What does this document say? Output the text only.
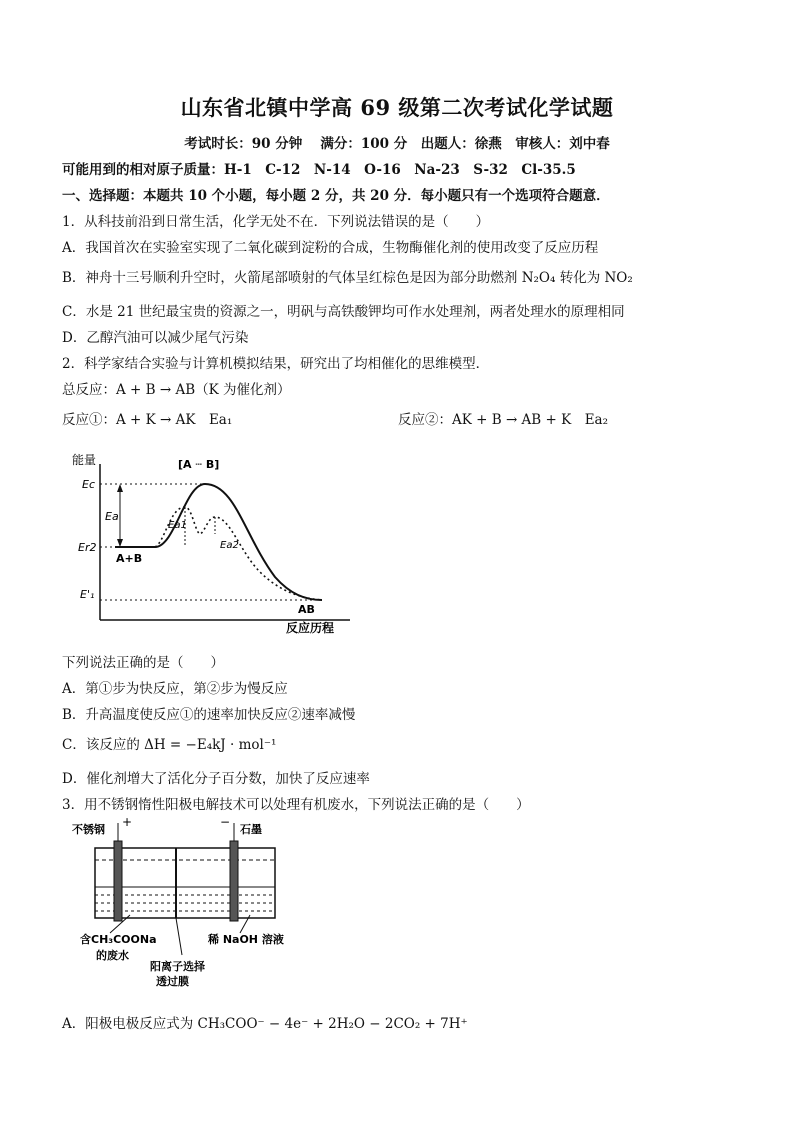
山东省北镇中学高 69 级第二次考试化学试题
考试时长：90 分钟　 满分：100 分　出题人：徐燕　审核人：刘中春
可能用到的相对原子质量：H-1　C-12　N-14　O-16　Na-23　S-32　Cl-35.5
一、选择题：本题共 10 个小题，每小题 2 分，共 20 分．每小题只有一个选项符合题意．
1．从科技前沿到日常生活，化学无处不在．下列说法错误的是（　　）
A．我国首次在实验室实现了二氧化碳到淀粉的合成，生物酶催化剂的使用改变了反应历程
B．神舟十三号顺利升空时，火箭尾部喷射的气体呈红棕色是因为部分助燃剂 N₂O₄ 转化为 NO₂
C．水是 21 世纪最宝贵的资源之一，明矾与高铁酸钾均可作水处理剂，两者处理水的原理相同
D．乙醇汽油可以减少尾气污染
2．科学家结合实验与计算机模拟结果，研究出了均相催化的思维模型．
总反应：A + B → AB（K 为催化剂）
反应①：A + K → AK　Ea₁	反应②：AK + B → AB + K　Ea₂
能量
反应历程
[A ┄ B]
Ec
Ea
Er2
Ea1
Ea2
E'₁
A+B
AB
下列说法正确的是（　　）
A．第①步为快反应，第②步为慢反应
B．升高温度使反应①的速率加快反应②速率减慢
C．该反应的 ΔH = −E₄kJ · mol⁻¹
D．催化剂增大了活化分子百分数，加快了反应速率
3．用不锈钢惰性阳极电解技术可以处理有机废水，下列说法正确的是（　　）
+	−
不锈钢	石墨
含CH₃COONa
的废水
稀 NaOH 溶液
阳离子选择
透过膜
A．阳极电极反应式为 CH₃COO⁻ − 4e⁻ + 2H₂O − 2CO₂ + 7H⁺
